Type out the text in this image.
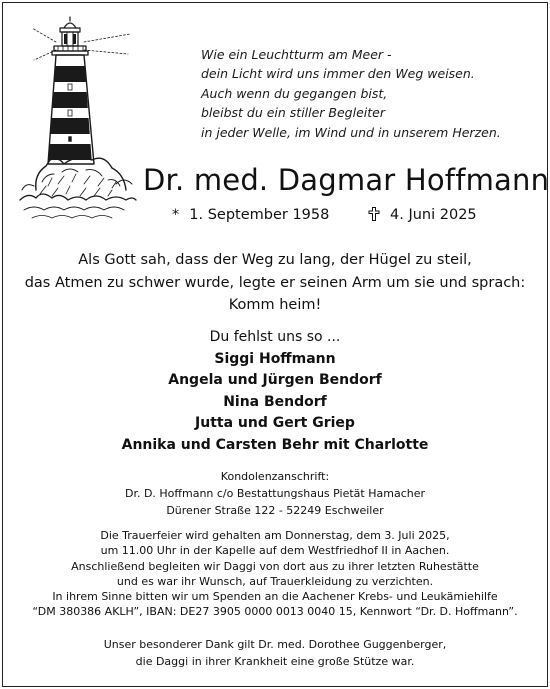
Wie ein Leuchtturm am Meer -
dein Licht wird uns immer den Weg weisen.
Auch wenn du gegangen bist,
bleibst du ein stiller Begleiter
in jeder Welle, im Wind und in unserem Herzen.
Dr. med. Dagmar Hoffmann
* 1. September 1958	4. Juni 2025
Als Gott sah, dass der Weg zu lang, der Hügel zu steil,
das Atmen zu schwer wurde, legte er seinen Arm um sie und sprach:
Komm heim!
Du fehlst uns so ...
Siggi Hoffmann
Angela und Jürgen Bendorf
Nina Bendorf
Jutta und Gert Griep
Annika und Carsten Behr mit Charlotte
Kondolenzanschrift:
Dr. D. Hoffmann c/o Bestattungshaus Pietät Hamacher
Dürener Straße 122 - 52249 Eschweiler
Die Trauerfeier wird gehalten am Donnerstag, dem 3. Juli 2025,
um 11.00 Uhr in der Kapelle auf dem Westfriedhof II in Aachen.
Anschließend begleiten wir Daggi von dort aus zu ihrer letzten Ruhestätte
und es war ihr Wunsch, auf Trauerkleidung zu verzichten.
In ihrem Sinne bitten wir um Spenden an die Aachener Krebs- und Leukämiehilfe
“DM 380386 AKLH”, IBAN: DE27 3905 0000 0013 0040 15, Kennwort “Dr. D. Hoffmann”.
Unser besonderer Dank gilt Dr. med. Dorothee Guggenberger,
die Daggi in ihrer Krankheit eine große Stütze war.
